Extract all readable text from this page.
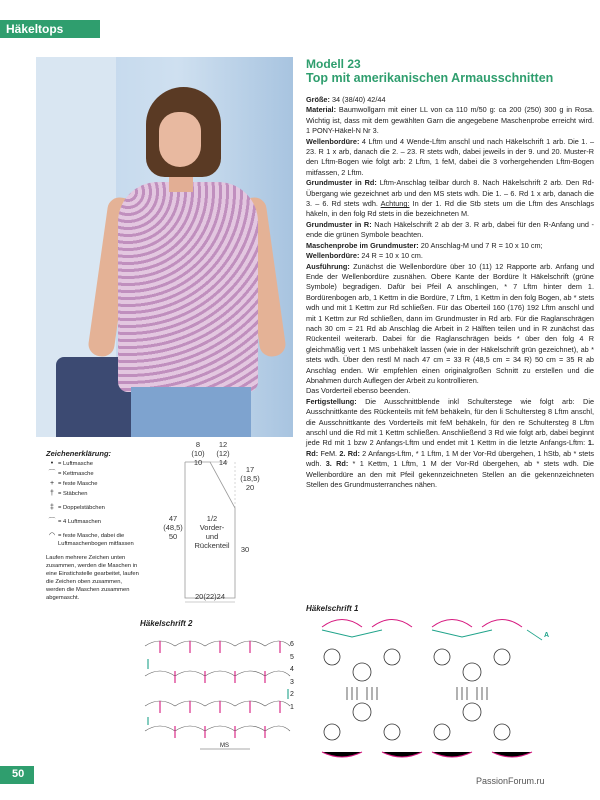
Häkeltops
Modell 23
Top mit amerikanischen Armausschnitten

Größe: 34 (38/40) 42/44

Material: Baumwollgarn mit einer LL von ca 110 m/50 g: ca 200 (250) 300 g in Rosa. Wichtig ist, dass mit dem gewählten Garn die angegebene Maschenprobe erreicht wird. 1 PONY-Häkel-N Nr 3.

Wellenbordüre: 4 Lftm und 4 Wende-Lftm anschl und nach Häkelschrift 1 arb. Die 1. – 23. R 1 x arb, danach die 2. – 23. R stets wdh, dabei jeweils in der 9. und 20. Muster-R den Lftm-Bogen wie folgt arb: 2 Lftm, 1 feM, dabei die 3 vorhergehenden Lftm-Bogen mitfassen, 2 Lftm.

Grundmuster in Rd: Lftm-Anschlag teilbar durch 8. Nach Häkelschrift 2 arb. Den Rd-Übergang wie gezeichnet arb und den MS stets wdh. Die 1. – 6. Rd 1 x arb, danach die 3. – 6. Rd stets wdh. Achtung: In der 1. Rd die Stb stets um die Lftm des Anschlags häkeln, in den folg Rd stets in die bezeichneten M.

Grundmuster in R: Nach Häkelschrift 2 ab der 3. R arb, dabei für den R-Anfang und -ende die grünen Symbole beachten.

Maschenprobe im Grundmuster: 20 Anschlag-M und 7 R = 10 x 10 cm;

Wellenbordüre: 24 R = 10 x 10 cm.

Ausführung: Zunächst die Wellenbordüre über 10 (11) 12 Rapporte arb. Anfang und Ende der Wellenbordüre zusnähen. Obere Kante der Bordüre lt Häkelschrift (grüne Symbole) begradigen. Dafür bei Pfeil A anschlingen, * 7 Lftm hinter dem 1. Bordürenbogen arb, 1 Kettm in die Bordüre, 7 Lftm, 1 Kettm in den folg Bogen, ab * stets wdh und mit 1 Kettm zur Rd schließen. Für das Oberteil 160 (176) 192 Lftm anschl und mit 1 Kettm zur Rd schließen, dann im Grundmuster in Rd arb. Für die Raglanschrägen nach 30 cm = 21 Rd ab Anschlag die Arbeit in 2 Hälften teilen und in R zunächst das Rückenteil weiterarb. Dabei für die Raglanschrägen beids * über den folg 4 R gleichmäßig vert 1 MS unbehäkelt lassen (wie in der Häkelschrift grün gezeichnet), ab * stets wdh. Über den restl M nach 47 cm = 33 R (48,5 cm = 34 R) 50 cm = 35 R ab Anschlag enden. Wir empfehlen einen originalgroßen Schnitt zu erstellen und die Abnahmen durch Auflegen der Arbeit zu kontrollieren.

Das Vorderteil ebenso beenden.

Fertigstellung: Die Ausschnittblende inkl Schulterstege wie folgt arb: Die Ausschnittkante des Rückenteils mit feM behäkeln, für den li Schultersteg 8 Lftm anschl, die Ausschnittkante des Vorderteils mit feM behäkeln, für den re Schultersteg 8 Lftm anschl und die Rd mit 1 Kettm schließen. Anschließend 3 Rd wie folgt arb, dabei beginnt jede Rd mit 1 bzw 2 Anfangs-Lftm und endet mit 1 Kettm in die letzte Anfangs-Lftm: 1. Rd: FeM. 2. Rd: 2 Anfangs-Lftm, * 1 Lftm, 1 M der Vor-Rd übergehen, 1 hStb, ab * stets wdh. 3. Rd: * 1 Kettm, 1 Lftm, 1 M der Vor-Rd übergehen, ab * stets wdh. Die Wellenbordüre an den mit Pfeil gekennzeichneten Stellen an die gekennzeichneten Stellen des Grundmusterranches nähen.

Zeichenerklärung:
• = Luftmasche
⌒ = Kettmasche
+ = feste Masche
† = Stäbchen
‡ = Doppelstäbchen
⌒ = 4 Luftmaschen
◠ = feste Masche, dabei die Luftmaschenbogen mitfassen
Laufen mehrere Zeichen unten zusammen, werden die Maschen in eine Einstichstelle gearbeitet, laufen die Zeichen oben zusammen, werden die Maschen zusammen abgemascht.
8
(10)
10
12
(12)
14
17
(18,5)
20
47
(48,5)
50
1/2
Vorder-
und
Rückenteil	30
20(22)24
Häkelschrift 2
6
5
4
3
2
1
MS
Häkelschrift 1
A
50
PassionForum.ru
